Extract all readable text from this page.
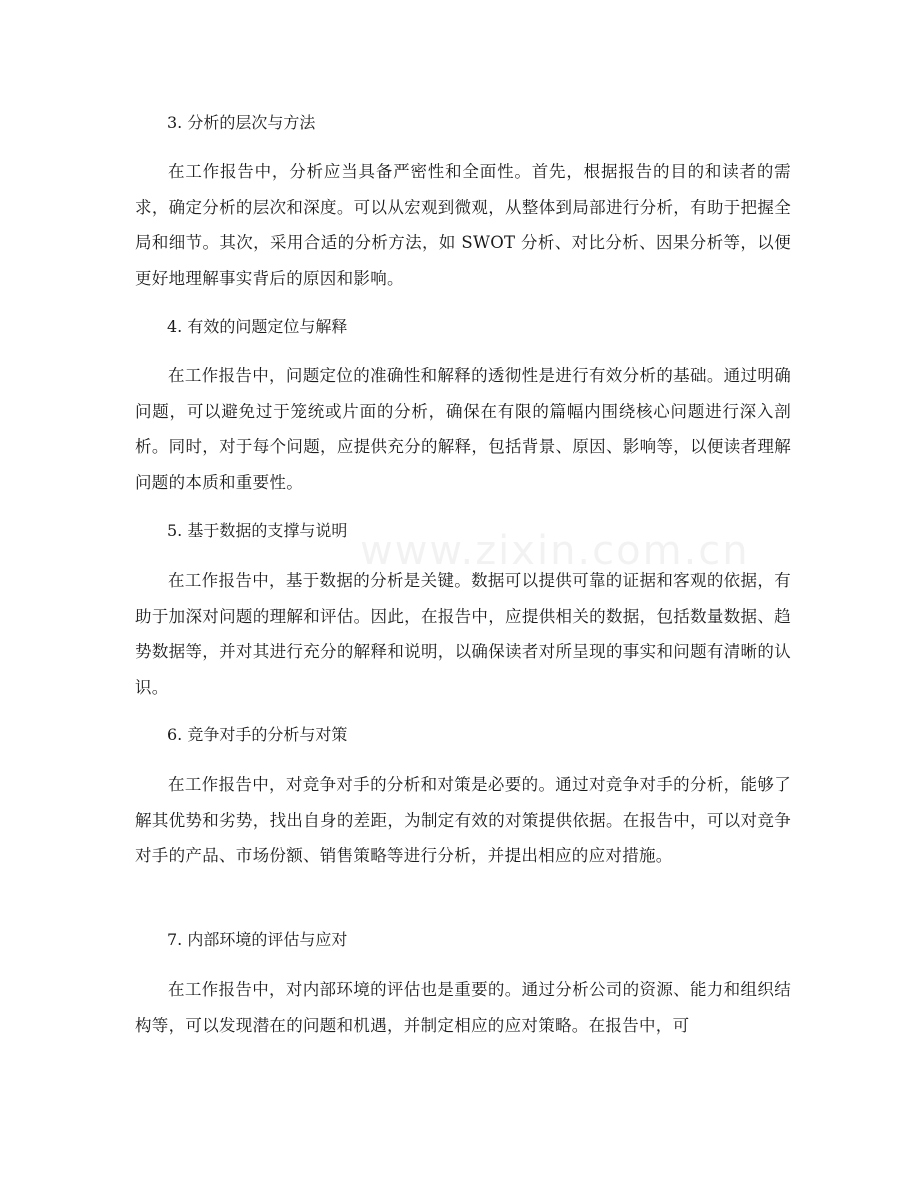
www.zixin.com.cn
3. 分析的层次与方法
在工作报告中，分析应当具备严密性和全面性。首先，根据报告的目的和读者的需求，确定分析的层次和深度。可以从宏观到微观，从整体到局部进行分析，有助于把握全局和细节。其次，采用合适的分析方法，如 SWOT 分析、对比分析、因果分析等，以便更好地理解事实背后的原因和影响。
4. 有效的问题定位与解释
在工作报告中，问题定位的准确性和解释的透彻性是进行有效分析的基础。通过明确问题，可以避免过于笼统或片面的分析，确保在有限的篇幅内围绕核心问题进行深入剖析。同时，对于每个问题，应提供充分的解释，包括背景、原因、影响等，以便读者理解问题的本质和重要性。
5. 基于数据的支撑与说明
在工作报告中，基于数据的分析是关键。数据可以提供可靠的证据和客观的依据，有助于加深对问题的理解和评估。因此，在报告中，应提供相关的数据，包括数量数据、趋势数据等，并对其进行充分的解释和说明，以确保读者对所呈现的事实和问题有清晰的认识。
6. 竞争对手的分析与对策
在工作报告中，对竞争对手的分析和对策是必要的。通过对竞争对手的分析，能够了解其优势和劣势，找出自身的差距，为制定有效的对策提供依据。在报告中，可以对竞争对手的产品、市场份额、销售策略等进行分析，并提出相应的应对措施。
7. 内部环境的评估与应对
在工作报告中，对内部环境的评估也是重要的。通过分析公司的资源、能力和组织结构等，可以发现潜在的问题和机遇，并制定相应的应对策略。在报告中，可
